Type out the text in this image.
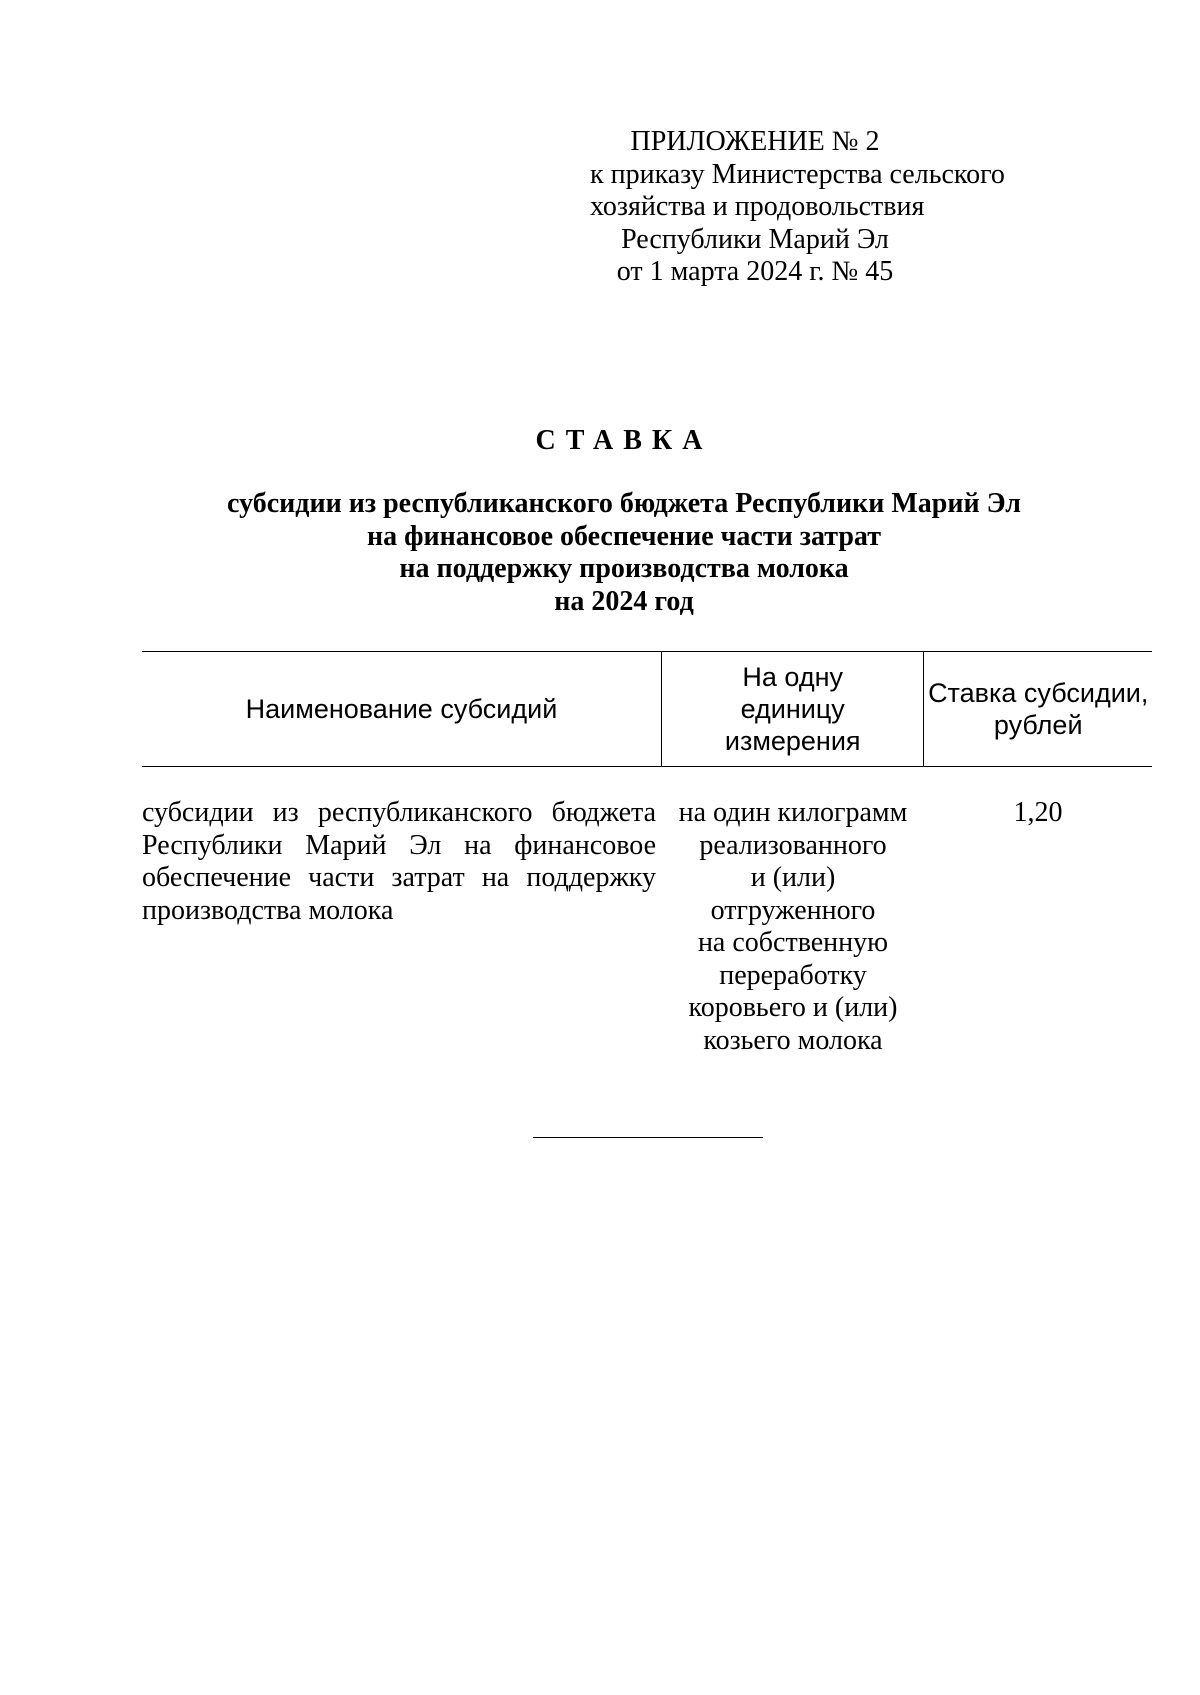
ПРИЛОЖЕНИЕ № 2
к приказу Министерства сельского
хозяйства и продовольствия
Республики Марий Эл
от 1 марта 2024 г. № 45
СТАВКА
субсидии из республиканского бюджета Республики Марий Эл
на финансовое обеспечение части затрат
на поддержку производства молока
на 2024 год
Наименование субсидий
На одну
единицу
измерения
Ставка субсидии,
рублей
субсидии из республиканского бюджета Республики Марий Эл на финансовое обеспечение части затрат на поддержку производства молока
на один килограмм
реализованного
и (или)
отгруженного
на собственную
переработку
коровьего и (или)
козьего молока
1,20
